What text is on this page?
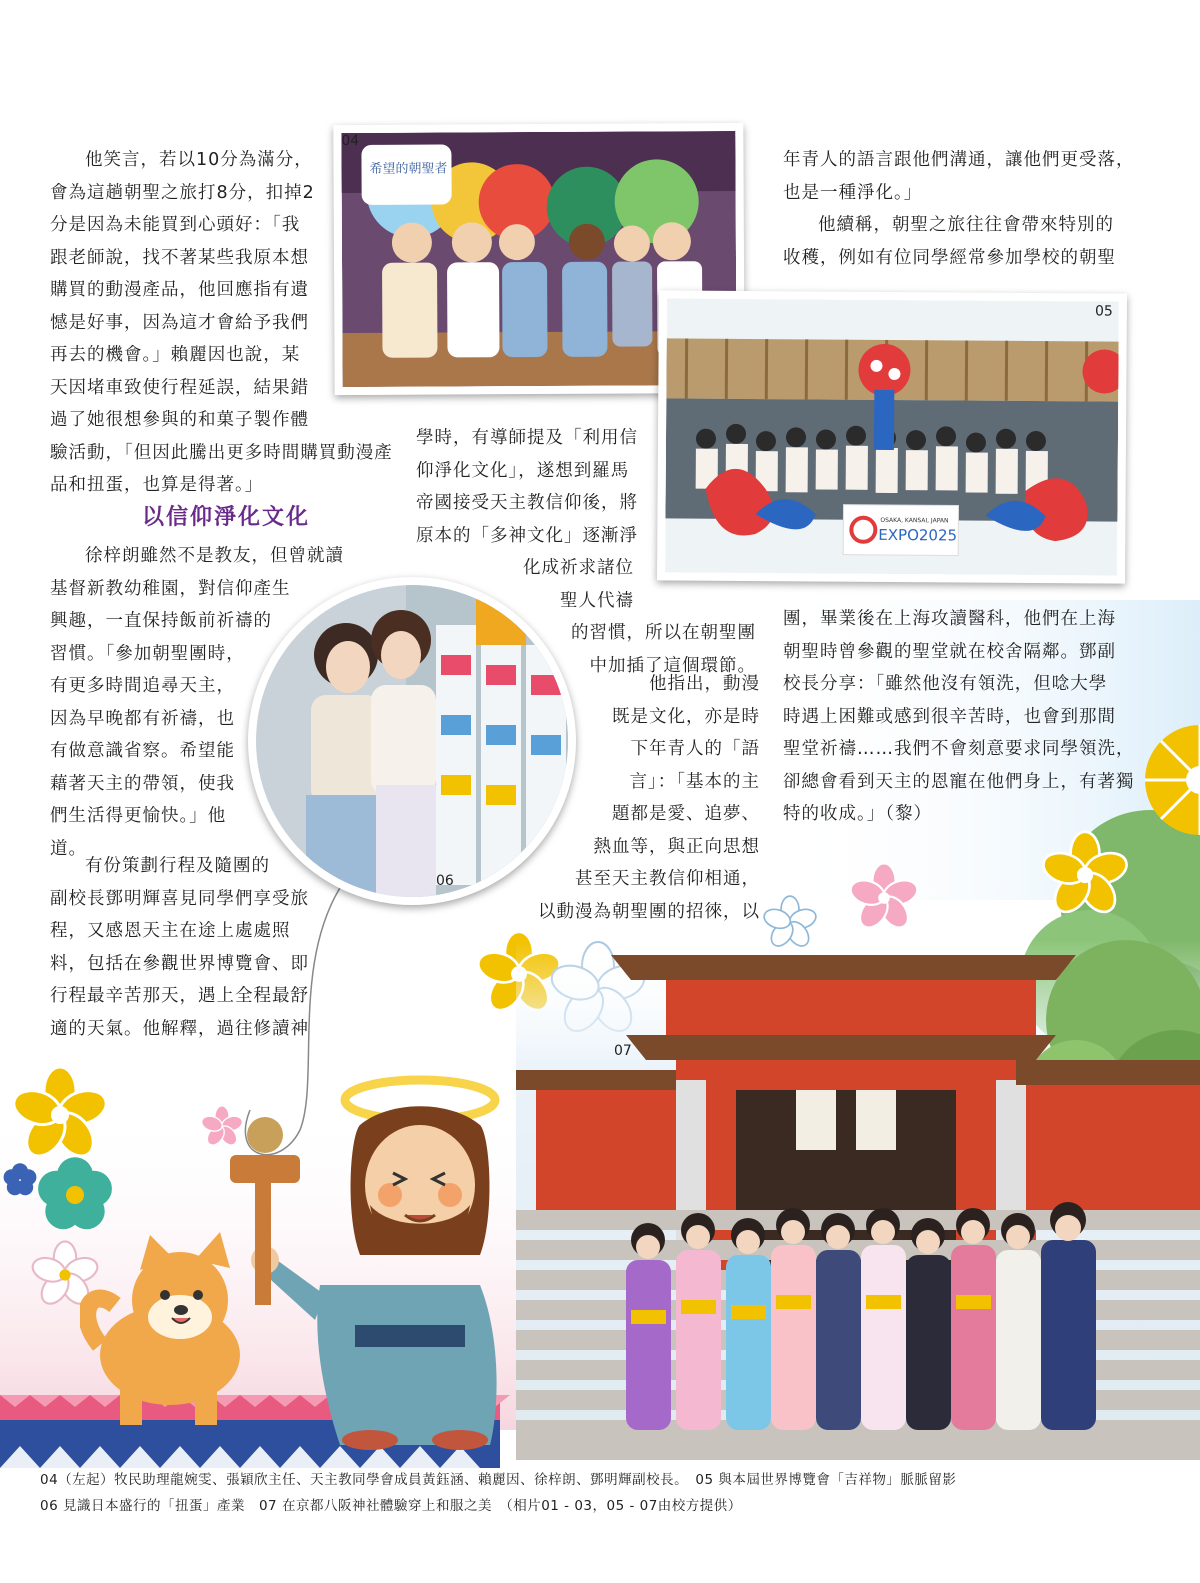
他笑言，若以10分為滿分，

會為這趟朝聖之旅打8分，扣掉2

分是因為未能買到心頭好：「我

跟老師說，找不著某些我原本想

購買的動漫產品，他回應指有遺

憾是好事，因為這才會給予我們

再去的機會。」賴麗因也說，某

天因堵車致使行程延誤，結果錯

過了她很想參與的和菓子製作體

驗活動，「但因此騰出更多時間購買動漫產

品和扭蛋，也算是得著。」

以信仰淨化文化

徐梓朗雖然不是教友，但曾就讀

基督新教幼稚園，對信仰產生

興趣，一直保持飯前祈禱的

習慣。「參加朝聖團時，

有更多時間追尋天主，

因為早晚都有祈禱，也

有做意識省察。希望能

藉著天主的帶領，使我

們生活得更愉快。」他

道。

有份策劃行程及隨團的

副校長鄧明輝喜見同學們享受旅

程，又感恩天主在途上處處照

料，包括在參觀世界博覽會、即

行程最辛苦那天，遇上全程最舒

適的天氣。他解釋，過往修讀神

學時，有導師提及「利用信

仰淨化文化」，遂想到羅馬

帝國接受天主教信仰後，將

原本的「多神文化」逐漸淨

化成祈求諸位

聖人代禱

的習慣，所以在朝聖團

中加插了這個環節。

他指出，動漫

既是文化，亦是時

下年青人的「語

言」：「基本的主

題都是愛、追夢、

熱血等，與正向思想

甚至天主教信仰相通，

以動漫為朝聖團的招徠，以

年青人的語言跟他們溝通，讓他們更受落，

也是一種淨化。」

他續稱，朝聖之旅往往會帶來特別的

收穫，例如有位同學經常參加學校的朝聖

團，畢業後在上海攻讀醫科，他們在上海

朝聖時曾參觀的聖堂就在校舍隔鄰。鄧副

校長分享：「雖然他沒有領洗，但唸大學

時遇上困難或感到很辛苦時，也會到那間

聖堂祈禱……我們不會刻意要求同學領洗，

卻總會看到天主的恩寵在他們身上，有著獨

特的收成。」（黎）

希望的朝聖者
04
OSAKA, KANSAI, JAPAN
EXPO2025
05
06
07
04（左起）牧民助理龍婉雯、張穎欣主任、天主教同學會成員黃鈺涵、賴麗因、徐梓朗、鄧明輝副校長。　05 與本屆世界博覽會「吉祥物」脈脈留影
06 見識日本盛行的「扭蛋」產業　07 在京都八阪神社體驗穿上和服之美　（相片01 - 03，05 - 07由校方提供）
